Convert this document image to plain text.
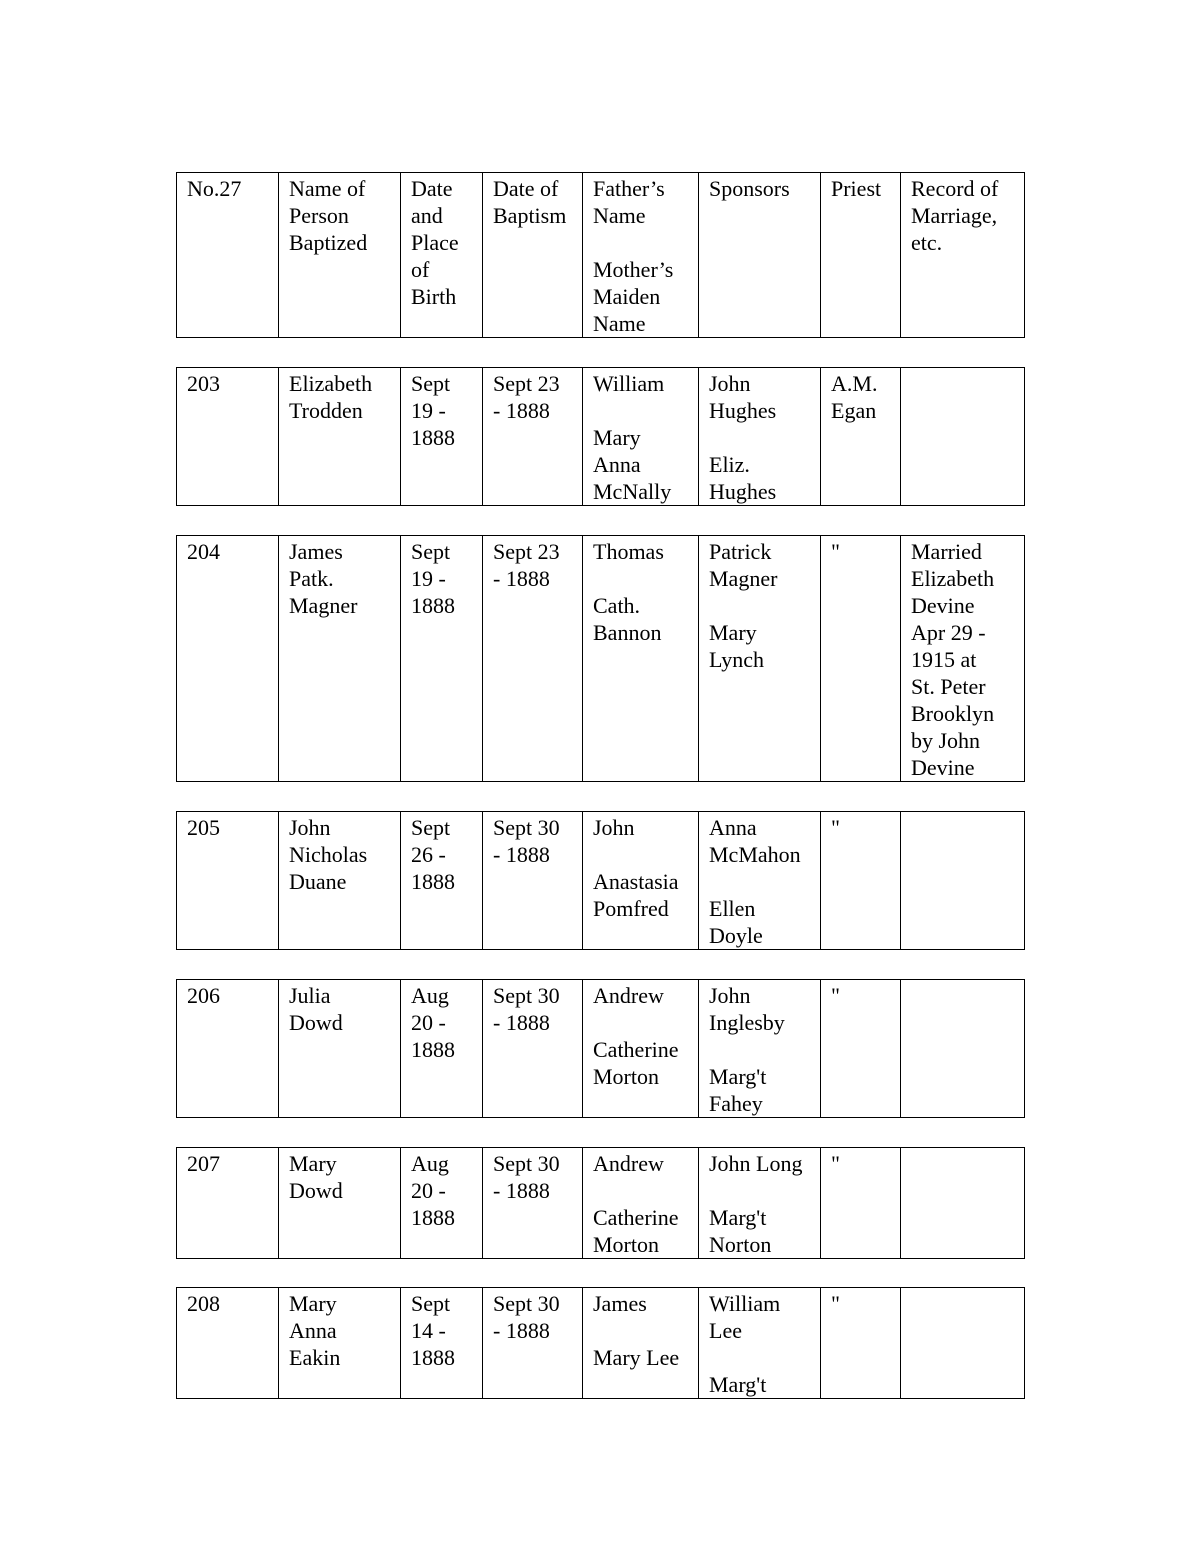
No.27	Name of
Person
Baptized	Date
and
Place
of
Birth	Date of
Baptism	Father’s
Name

Mother’s
Maiden
Name	Sponsors	Priest	Record of
Marriage,
etc.
203	Elizabeth
Trodden	Sept
19 -
1888	Sept 23
- 1888	William

Mary
Anna
McNally	John
Hughes

Eliz.
Hughes	A.M.
Egan	
204	James
Patk.
Magner	Sept
19 -
1888	Sept 23
- 1888	Thomas

Cath.
Bannon	Patrick
Magner

Mary
Lynch	"	Married
Elizabeth
Devine
Apr 29 -
1915 at
St. Peter
Brooklyn
by John
Devine
205	John
Nicholas
Duane	Sept
26 -
1888	Sept 30
- 1888	John

Anastasia
Pomfred	Anna
McMahon

Ellen
Doyle	"	
206	Julia
Dowd	Aug
20 -
1888	Sept 30
- 1888	Andrew

Catherine
Morton	John
Inglesby

Marg't
Fahey	"	
207	Mary
Dowd	Aug
20 -
1888	Sept 30
- 1888	Andrew

Catherine
Morton	John Long

Marg't
Norton	"	
208	Mary
Anna
Eakin	Sept
14 -
1888	Sept 30
- 1888	James

Mary Lee	William
Lee

Marg't	"	
